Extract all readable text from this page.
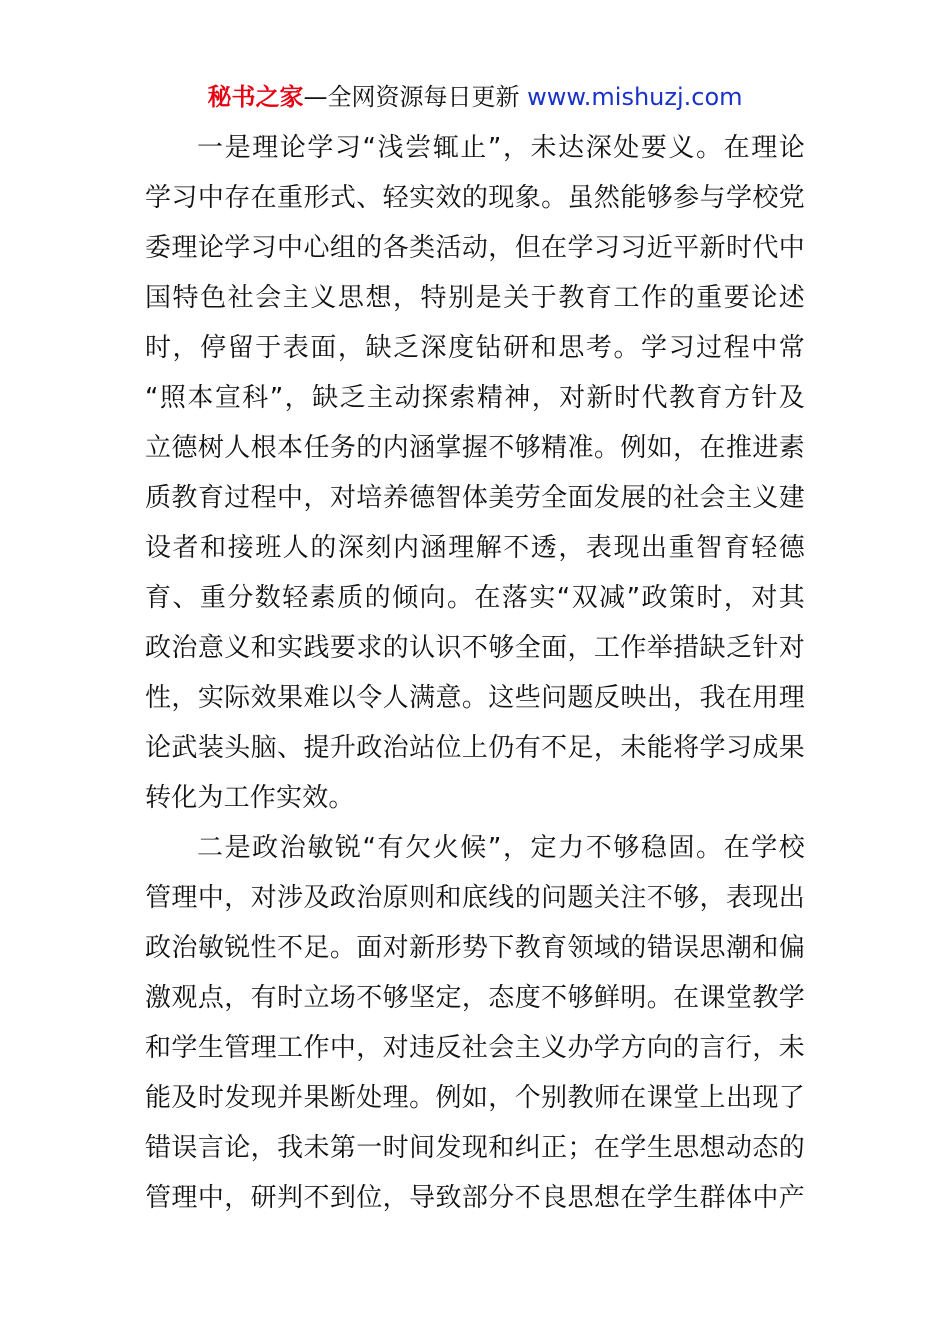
秘书之家—全网资源每日更新 www.mishuzj.com
一是理论学习“浅尝辄止”，未达深处要义。在理论
学习中存在重形式、轻实效的现象。虽然能够参与学校党
委理论学习中心组的各类活动，但在学习习近平新时代中
国特色社会主义思想，特别是关于教育工作的重要论述
时，停留于表面，缺乏深度钻研和思考。学习过程中常
“照本宣科”，缺乏主动探索精神，对新时代教育方针及
立德树人根本任务的内涵掌握不够精准。例如，在推进素
质教育过程中，对培养德智体美劳全面发展的社会主义建
设者和接班人的深刻内涵理解不透，表现出重智育轻德
育、重分数轻素质的倾向。在落实“双减”政策时，对其
政治意义和实践要求的认识不够全面，工作举措缺乏针对
性，实际效果难以令人满意。这些问题反映出，我在用理
论武装头脑、提升政治站位上仍有不足，未能将学习成果
转化为工作实效。
二是政治敏锐“有欠火候”，定力不够稳固。在学校
管理中，对涉及政治原则和底线的问题关注不够，表现出
政治敏锐性不足。面对新形势下教育领域的错误思潮和偏
激观点，有时立场不够坚定，态度不够鲜明。在课堂教学
和学生管理工作中，对违反社会主义办学方向的言行，未
能及时发现并果断处理。例如，个别教师在课堂上出现了
错误言论，我未第一时间发现和纠正；在学生思想动态的
管理中，研判不到位，导致部分不良思想在学生群体中产
